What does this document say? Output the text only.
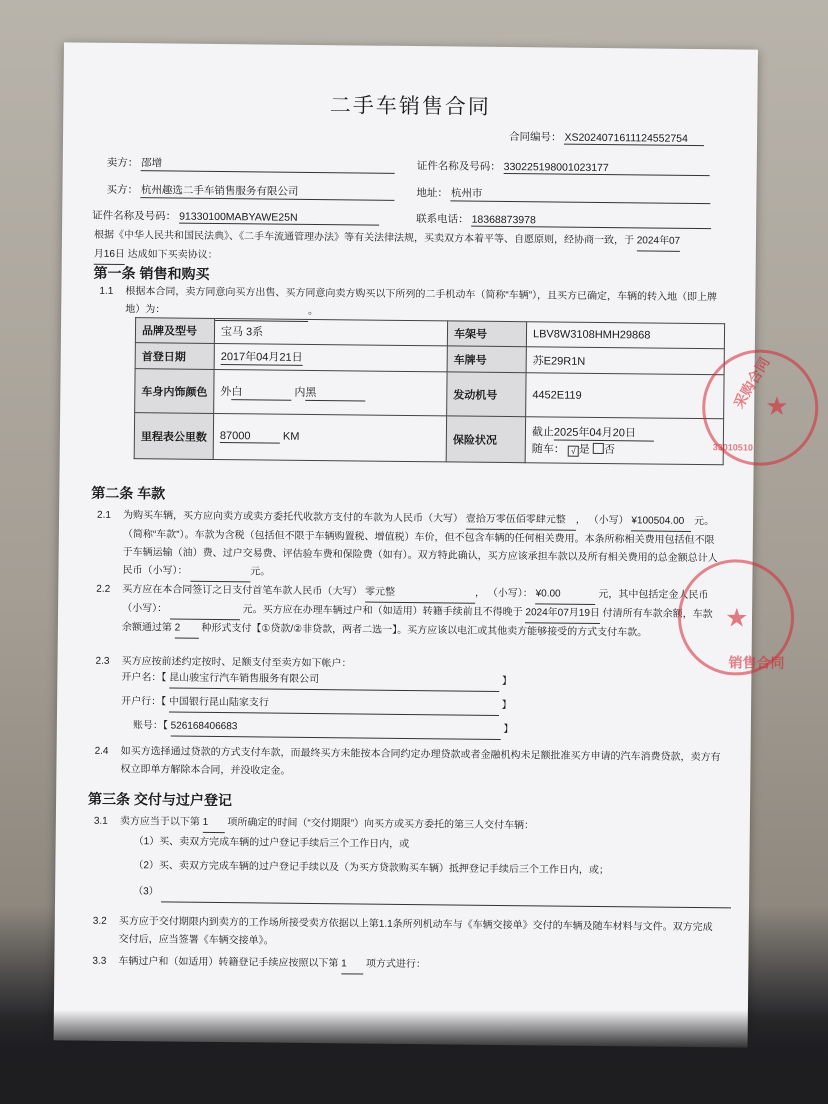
二手车销售合同
合同编号： XS2024071611124552754
卖方： 邵增	证件名称及号码： 330225198001023177
买方： 杭州趣选二手车销售服务有限公司	地址： 杭州市
证件名称及号码： 91330100MABYAWE25N	联系电话： 18368873978
根据《中华人民共和国民法典》、《二手车流通管理办法》等有关法律法规，买卖双方本着平等、自愿原则，经协商一致，于 2024年07
月16日 达成如下买卖协议：
第一条 销售和购买
1.1 根据本合同，卖方同意向买方出售、买方同意向卖方购买以下所列的二手机动车（简称“车辆”），且买方已确定，车辆的转入地（即上牌地）为：	。
品牌及型号	宝马 3系	车架号	LBV8W3108HMH29868
首登日期	2017年04月21日	车牌号	苏E29R1N
车身内饰颜色	外白 内黑	发动机号	4452E119
里程表公里数	87000 KM	保险状况	截止2025年04月20日
随车： √ 是 否
第二条 车款
2.1 为购买车辆，买方应向卖方或卖方委托代收款方支付的车款为人民币（大写） 壹拾万零伍佰零肆元整 ， （小写） ¥100504.00 元。（简称“车款”）。车款为含税（包括但不限于车辆购置税、增值税）车价，但不包含车辆的任何相关费用。本条所称相关费用包括但不限于车辆运输（油）费、过户交易费、评估验车费和保险费（如有）。双方特此确认，买方应该承担车款以及所有相关费用的总金额总计人民币（小写）：	元。
2.2 买方应在本合同签订之日支付首笔车款人民币（大写） 零元整	， （小写）： ¥0.00	元，其中包括定金人民币（小写）：	元。买方应在办理车辆过户和（如适用）转籍手续前且不得晚于 2024年07月19日 付清所有车款余额，车款余额通过第 2 种形式支付【①贷款/②非贷款，两者二选一】。买方应该以电汇或其他卖方能够接受的方式支付车款。
2.3 买方应按前述约定按时、足额支付至卖方如下帐户：
开户名：【 昆山骏宝行汽车销售服务有限公司	】
开户行：【 中国银行昆山陆家支行	】
账号：【 526168406683	】
2.4 如买方选择通过贷款的方式支付车款，而最终买方未能按本合同约定办理贷款或者金融机构未足额批准买方申请的汽车消费贷款，卖方有权立即单方解除本合同，并没收定金。
第三条 交付与过户登记
3.1 卖方应当于以下第 1 项所确定的时间（“交付期限”）向买方或买方委托的第三人交付车辆：
（1）买、卖双方完成车辆的过户登记手续后三个工作日内，或
（2）买、卖双方完成车辆的过户登记手续以及（为买方贷款购买车辆）抵押登记手续后三个工作日内，或；
（3）
3.2 买方应于交付期限内到卖方的工作场所接受卖方依据以上第1.1条所列机动车与《车辆交接单》交付的车辆及随车材料与文件。双方完成交付后，应当签署《车辆交接单》。
3.3 车辆过户和（如适用）转籍登记手续应按照以下第 1 项方式进行：
采购合同
★
33010510
销售合同
★
